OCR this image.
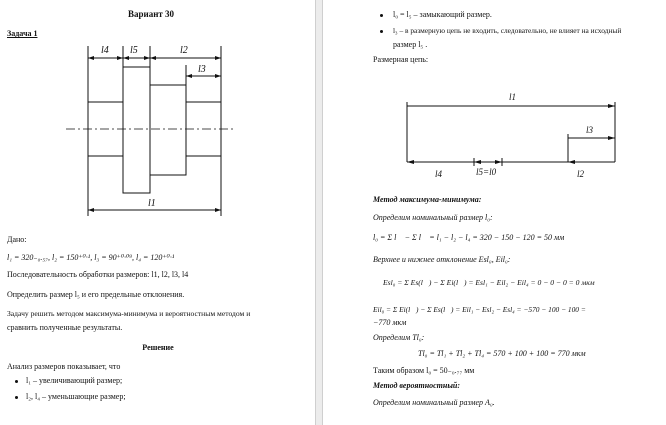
Вариант 30
Задача 1
l4 l5	l2
l3
l1
Дано:
l₁ = 320₋₀.₅₇, l₂ = 150⁺⁰·¹, l₃ = 90⁺⁰·⁰⁹, l₄ = 120⁺⁰·¹
Последовательность обработки размеров: l1, l2, l3, l4
Определить размер l₅ и его предельные отклонения.
Задачу решить методом максимума-минимума и вероятностным методом и
сравнить полученные результаты.
Решение
Анализ размеров показывает, что
l₁ – увеличивающий размер;
l₂, l₄ – уменьшающие размер;
l₀ = l₅ – замыкающий размер.
l₃ – в размерную цепь не входить, следовательно, не влияет на исходный
размер l₅ .
Размерная цепь:
l1
l3
l4	l5=l0	l2
Метод максимума-минимума:
Определим номинальный размер l₀:
l₀ = Σ l⃗ − Σ l⃖ = l₁ − l₂ − l₄ = 320 − 150 − 120 = 50 мм
Верхнее и нижнее отклонение Esl₀, Eil₀:
Esl₀ = Σ Es(l⃗) − Σ Ei(l⃖) = Esl₁ − Eil₂ − Eil₄ = 0 − 0 − 0 = 0 мкм
Eil₀ = Σ Ei(l⃗) − Σ Es(l⃖) = Eil₁ − Esl₂ − Esl₄ = −570 − 100 − 100 =
−770 мкм
Определим Tl₀:
Tl₀ = Tl₁ + Tl₂ + Tl₄ = 570 + 100 + 100 = 770 мкм
Таким образом l₀ = 50₋₀.₇₇ мм
Метод вероятностный:
Определим номинальный размер A₀.
